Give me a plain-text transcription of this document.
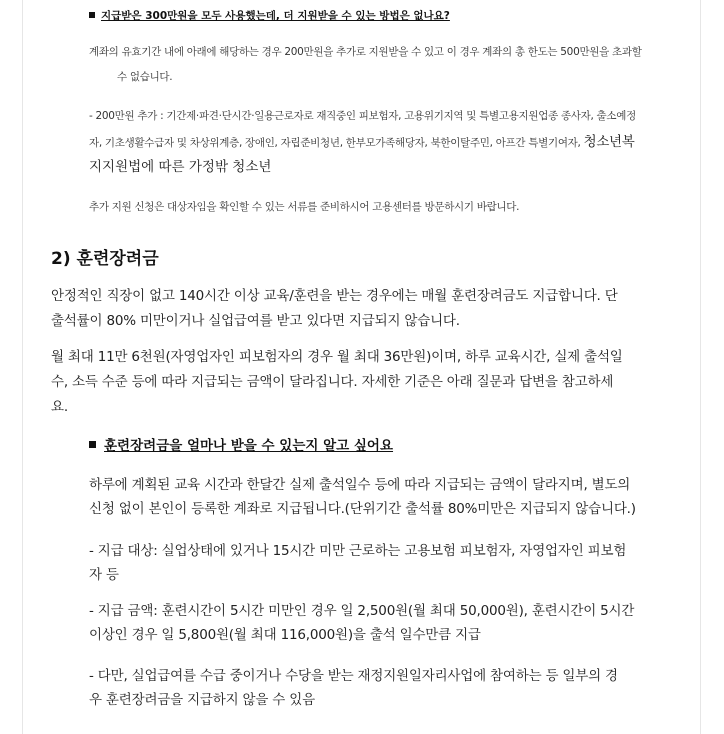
지급받은 300만원을 모두 사용했는데, 더 지원받을 수 있는 방법은 없나요?
계좌의 유효기간 내에 아래에 해당하는 경우 200만원을 추가로 지원받을 수 있고 이 경우 계좌의 총 한도는 500만원을 초과할
수 없습니다.
- 200만원 추가 : 기간제·파견·단시간·일용근로자로 재직중인 피보험자, 고용위기지역 및 특별고용지원업종 종사자, 출소예정
자, 기초생활수급자 및 차상위계층, 장애인, 자립준비청년, 한부모가족해당자, 북한이탈주민, 아프간 특별기여자, 청소년복
지지원법에 따른 가정밖 청소년
추가 지원 신청은 대상자임을 확인할 수 있는 서류를 준비하시어 고용센터를 방문하시기 바랍니다.
2) 훈련장려금
안정적인 직장이 없고 140시간 이상 교육/훈련을 받는 경우에는 매월 훈련장려금도 지급합니다. 단
출석률이 80% 미만이거나 실업급여를 받고 있다면 지급되지 않습니다.
월 최대 11만 6천원(자영업자인 피보험자의 경우 월 최대 36만원)이며, 하루 교육시간, 실제 출석일
수, 소득 수준 등에 따라 지급되는 금액이 달라집니다. 자세한 기준은 아래 질문과 답변을 참고하세
요.
훈련장려금을 얼마나 받을 수 있는지 알고 싶어요
하루에 계획된 교육 시간과 한달간 실제 출석일수 등에 따라 지급되는 금액이 달라지며, 별도의
신청 없이 본인이 등록한 계좌로 지급됩니다.(단위기간 출석률 80%미만은 지급되지 않습니다.)
- 지급 대상: 실업상태에 있거나 15시간 미만 근로하는 고용보험 피보험자, 자영업자인 피보험
자 등
- 지급 금액: 훈련시간이 5시간 미만인 경우 일 2,500원(월 최대 50,000원), 훈련시간이 5시간
이상인 경우 일 5,800원(월 최대 116,000원)을 출석 일수만큼 지급
- 다만, 실업급여를 수급 중이거나 수당을 받는 재정지원일자리사업에 참여하는 등 일부의 경
우 훈련장려금을 지급하지 않을 수 있음
